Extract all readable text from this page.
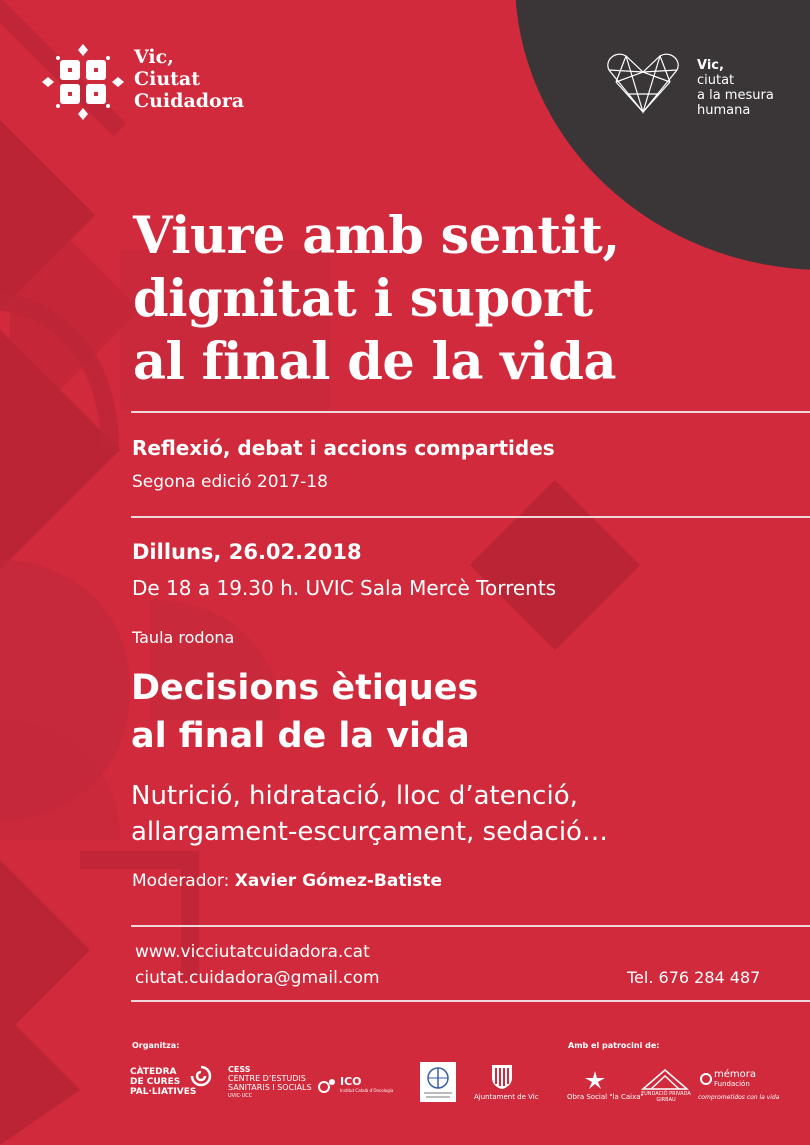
Vic,
Ciutat
Cuidadora
Vic,
ciutat
a la mesura
humana
Viure amb sentit,
dignitat i suport
al final de la vida
Reflexió, debat i accions compartides
Segona edició 2017-18
Dilluns, 26.02.2018
De 18 a 19.30 h. UVIC Sala Mercè Torrents
Taula rodona
Decisions ètiques
al final de la vida
Nutrició, hidratació, lloc d’atenció,
allargament-escurçament, sedació…
Moderador: Xavier Gómez-Batiste
www.vicciutatcuidadora.cat
ciutat.cuidadora@gmail.com	Tel. 676 284 487
Organitza:	Amb el patrocini de:
CÀTEDRA
DE CURES
PAL·LIATIVES
CESS
CENTRE D’ESTUDIS
SANITARIS I SOCIALS
UVIC·UCC
ICO
Institut Català d’Oncologia
Ajuntament de Vic	Obra Social "la Caixa"
FUNDACIÓ PRIVADA
GIRBAU
mémora
Fundación
comprometidos con la vida
